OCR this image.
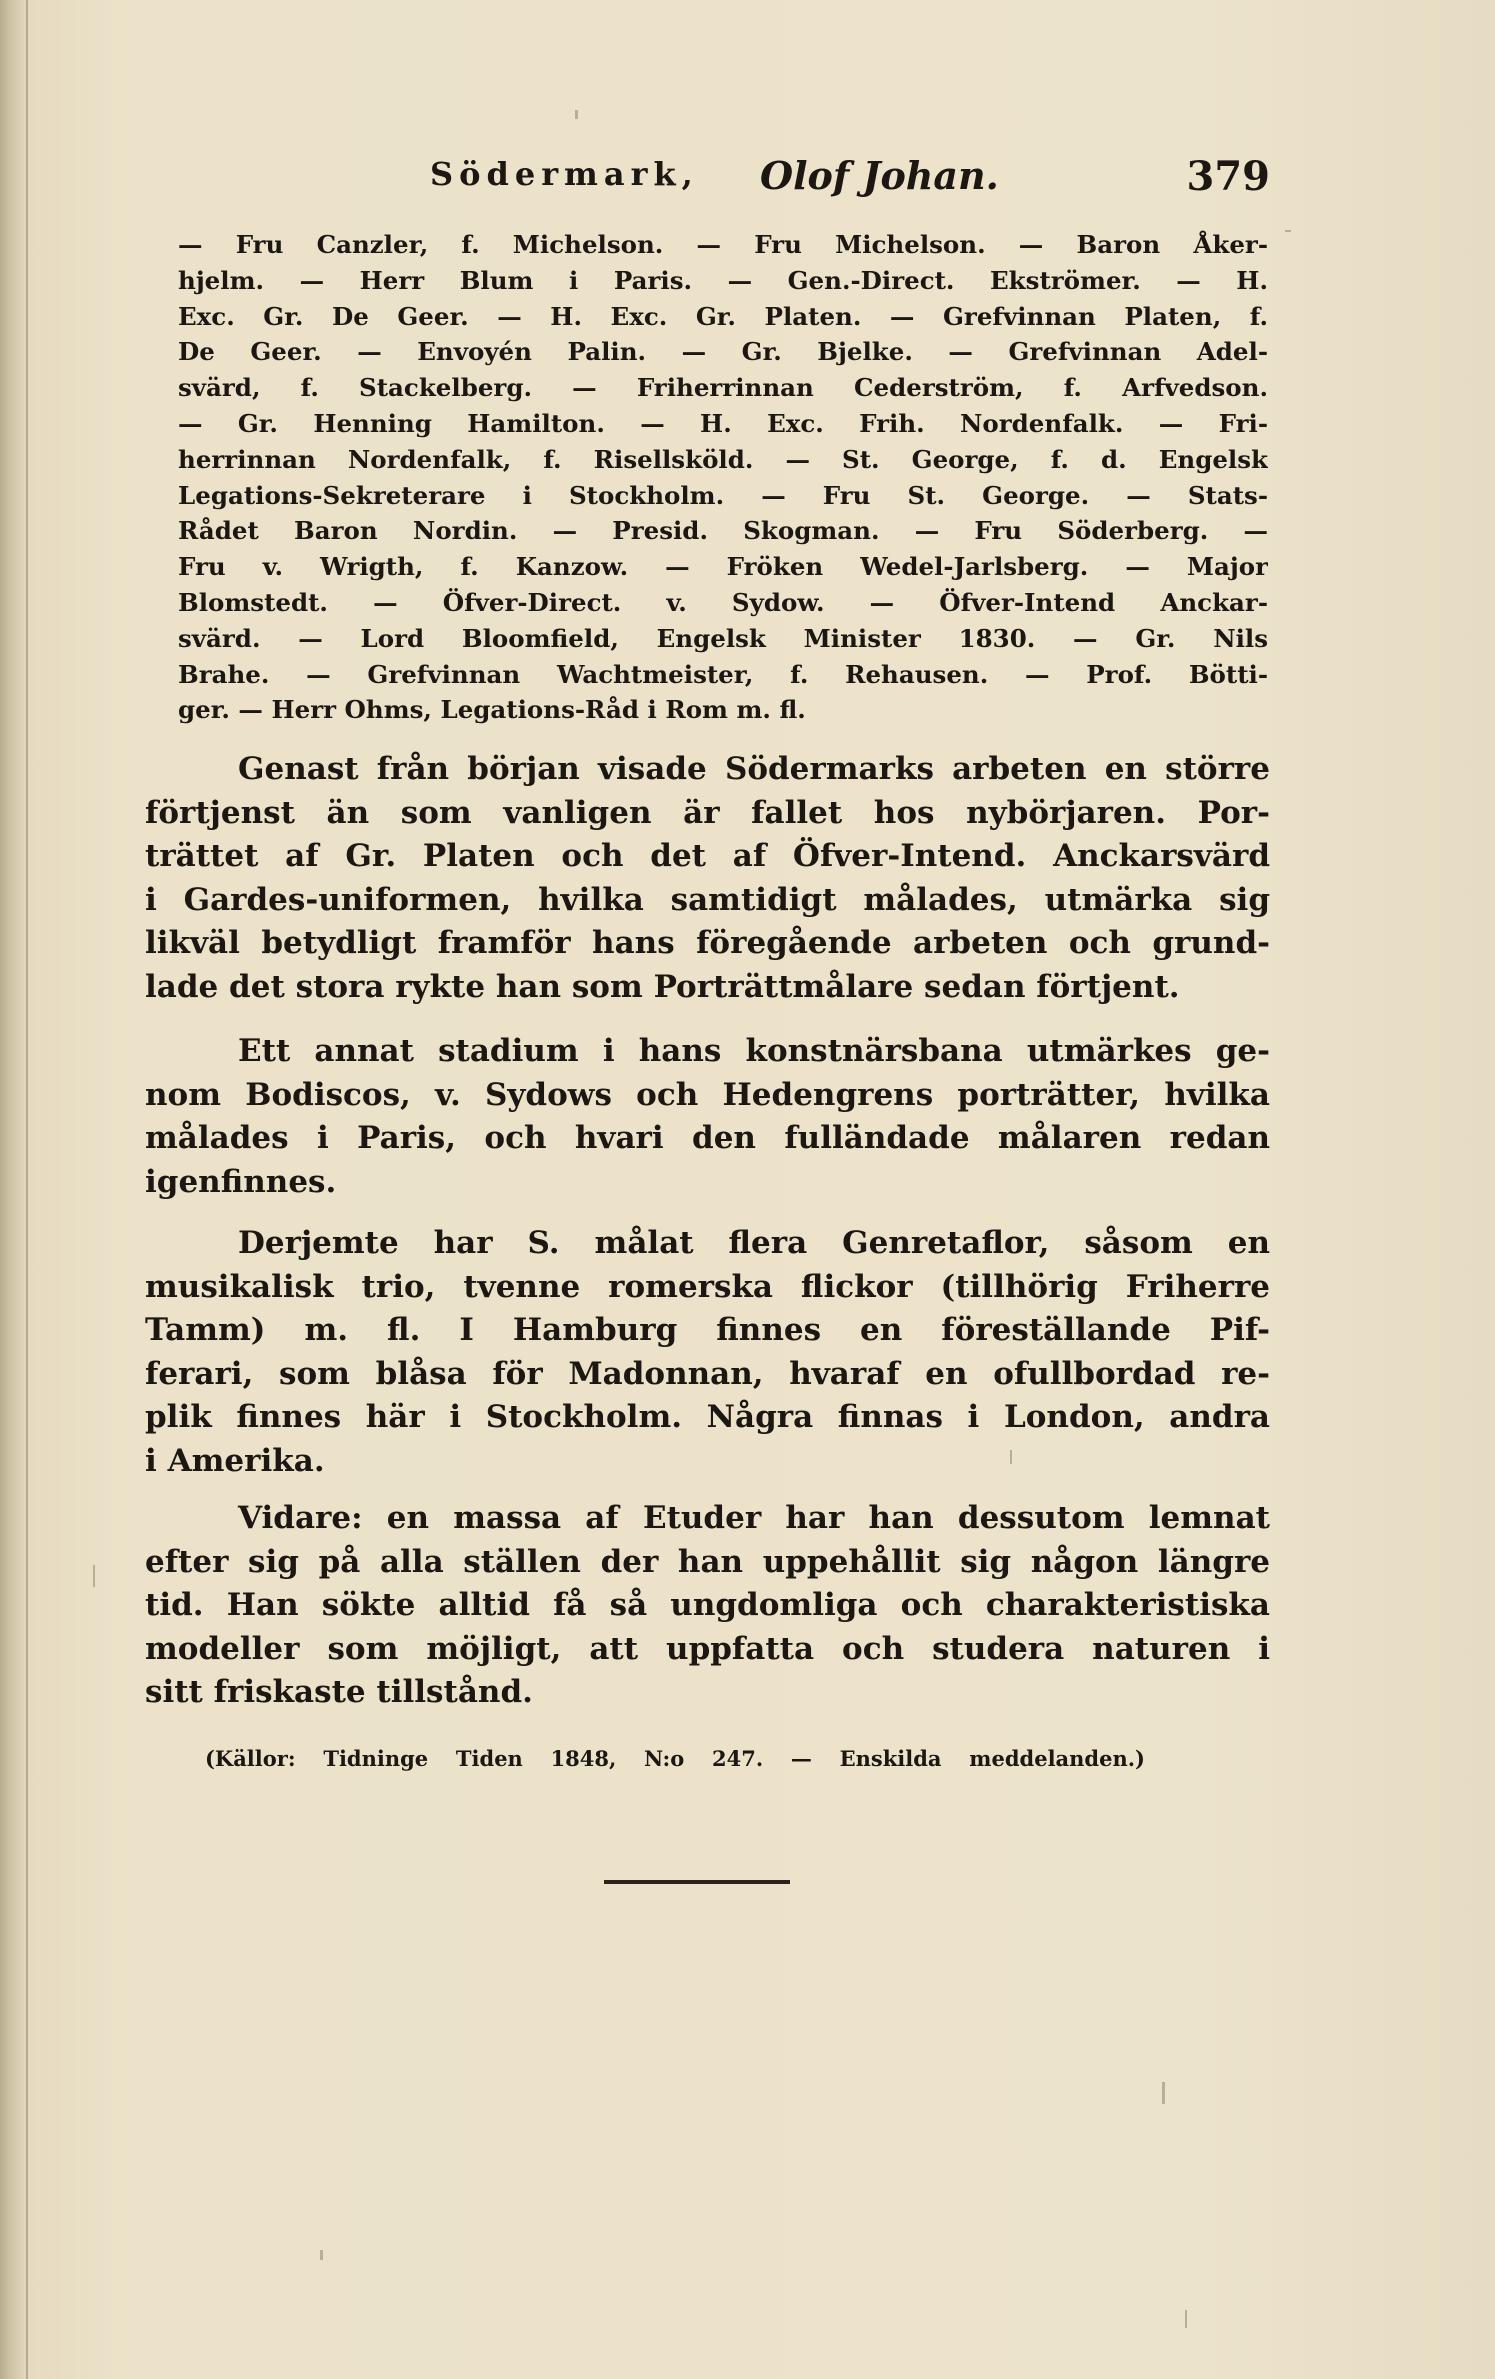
Södermark, Olof Johan.	379
— Fru Canzler, f. Michelson. — Fru Michelson. — Baron Åker-
hjelm. — Herr Blum i Paris. — Gen.-Direct. Ekströmer. — H.
Exc. Gr. De Geer. — H. Exc. Gr. Platen. — Grefvinnan Platen, f.
De Geer. — Envoyén Palin. — Gr. Bjelke. — Grefvinnan Adel-
svärd, f. Stackelberg. — Friherrinnan Cederström, f. Arfvedson.
— Gr. Henning Hamilton. — H. Exc. Frih. Nordenfalk. — Fri-
herrinnan Nordenfalk, f. Risellsköld. — St. George, f. d. Engelsk
Legations-Sekreterare i Stockholm. — Fru St. George. — Stats-
Rådet Baron Nordin. — Presid. Skogman. — Fru Söderberg. —
Fru v. Wrigth, f. Kanzow. — Fröken Wedel-Jarlsberg. — Major
Blomstedt. — Öfver-Direct. v. Sydow. — Öfver-Intend Anckar-
svärd. — Lord Bloomfield, Engelsk Minister 1830. — Gr. Nils
Brahe. — Grefvinnan Wachtmeister, f. Rehausen. — Prof. Bötti-
ger. — Herr Ohms, Legations-Råd i Rom m. fl.
Genast från början visade Södermarks arbeten en större
förtjenst än som vanligen är fallet hos nybörjaren. Por-
trättet af Gr. Platen och det af Öfver-Intend. Anckarsvärd
i Gardes-uniformen, hvilka samtidigt målades, utmärka sig
likväl betydligt framför hans föregående arbeten och grund-
lade det stora rykte han som Porträttmålare sedan förtjent.
Ett annat stadium i hans konstnärsbana utmärkes ge-
nom Bodiscos, v. Sydows och Hedengrens porträtter, hvilka
målades i Paris, och hvari den fulländade målaren redan
igenfinnes.
Derjemte har S. målat flera Genretaflor, såsom en
musikalisk trio, tvenne romerska flickor (tillhörig Friherre
Tamm) m. fl. I Hamburg finnes en föreställande Pif-
ferari, som blåsa för Madonnan, hvaraf en ofullbordad re-
plik finnes här i Stockholm. Några finnas i London, andra
i Amerika.
Vidare: en massa af Etuder har han dessutom lemnat
efter sig på alla ställen der han uppehållit sig någon längre
tid. Han sökte alltid få så ungdomliga och charakteristiska
modeller som möjligt, att uppfatta och studera naturen i
sitt friskaste tillstånd.
(Källor: Tidninge Tiden 1848, N:o 247. — Enskilda meddelanden.)
